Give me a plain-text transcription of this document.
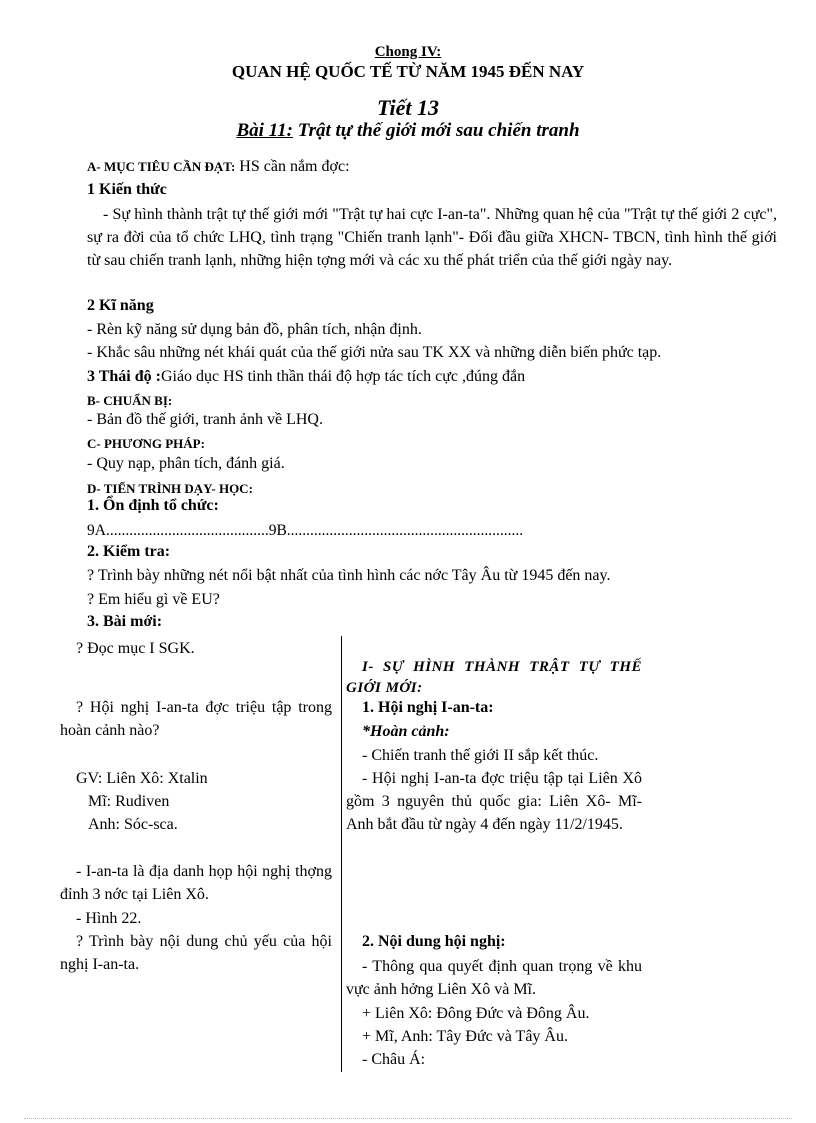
Chong IV:
QUAN HỆ QUỐC TẾ TỪ NĂM 1945 ĐẾN NAY
Tiết 13
Bài 11: Trật tự thế giới mới sau chiến tranh
A- MỤC TIÊU CẦN ĐẠT: HS cần nắm đợc:
1 Kiến thức
- Sự hình thành trật tự thế giới mới "Trật tự hai cực I-an-ta". Những quan hệ của "Trật tự thế giới 2 cực", sự ra đời của tổ chức LHQ, tình trạng "Chiến tranh lạnh"- Đối đầu giữa XHCN- TBCN, tình hình thế giới từ sau chiến tranh lạnh, những hiện tợng mới và các xu thế phát triển của thế giới ngày nay.
2 Kĩ năng
- Rèn kỹ năng sử dụng bản đồ, phân tích, nhận định.
- Khắc sâu những nét khái quát của thế giới nửa sau TK XX và những diễn biến phức tạp.
3 Thái độ :Giáo dục HS tinh thần thái độ hợp tác tích cực ,đúng đắn
B- CHUẨN BỊ:
- Bản đồ thế giới, tranh ảnh về LHQ.
C- PHƯƠNG PHÁP:
- Quy nạp, phân tích, đánh giá.
D- TIẾN TRÌNH DẠY- HỌC:
1. Ổn định tổ chức:
9A..........................................9B.............................................................
2. Kiểm tra:
? Trình bày những nét nổi bật nhất của tình hình các nớc Tây Âu từ 1945 đến nay.
? Em hiểu gì về EU?
3. Bài mới:
? Đọc mục I SGK.
? Hội nghị I-an-ta đợc triệu tập trong hoàn cảnh nào?
GV: Liên Xô: Xtalin
Mĩ: Rudiven
Anh: Sóc-sca.
- I-an-ta là địa danh họp hội nghị thợng đỉnh 3 nớc tại Liên Xô.
- Hình 22.
? Trình bày nội dung chủ yếu của hội nghị I-an-ta.
I- SỰ HÌNH THÀNH TRẬT TỰ THẾ GIỚI MỚI:
1. Hội nghị I-an-ta:
*Hoàn cảnh:
- Chiến tranh thế giới II sắp kết thúc.
- Hội nghị I-an-ta đợc triệu tập tại Liên Xô gồm 3 nguyên thủ quốc gia: Liên Xô- Mĩ- Anh bắt đầu từ ngày 4 đến ngày 11/2/1945.
2. Nội dung hội nghị:
- Thông qua quyết định quan trọng về khu vực ảnh hởng Liên Xô và Mĩ.
+ Liên Xô: Đông Đức và Đông Âu.
+ Mĩ, Anh: Tây Đức và Tây Âu.
- Châu Á:
